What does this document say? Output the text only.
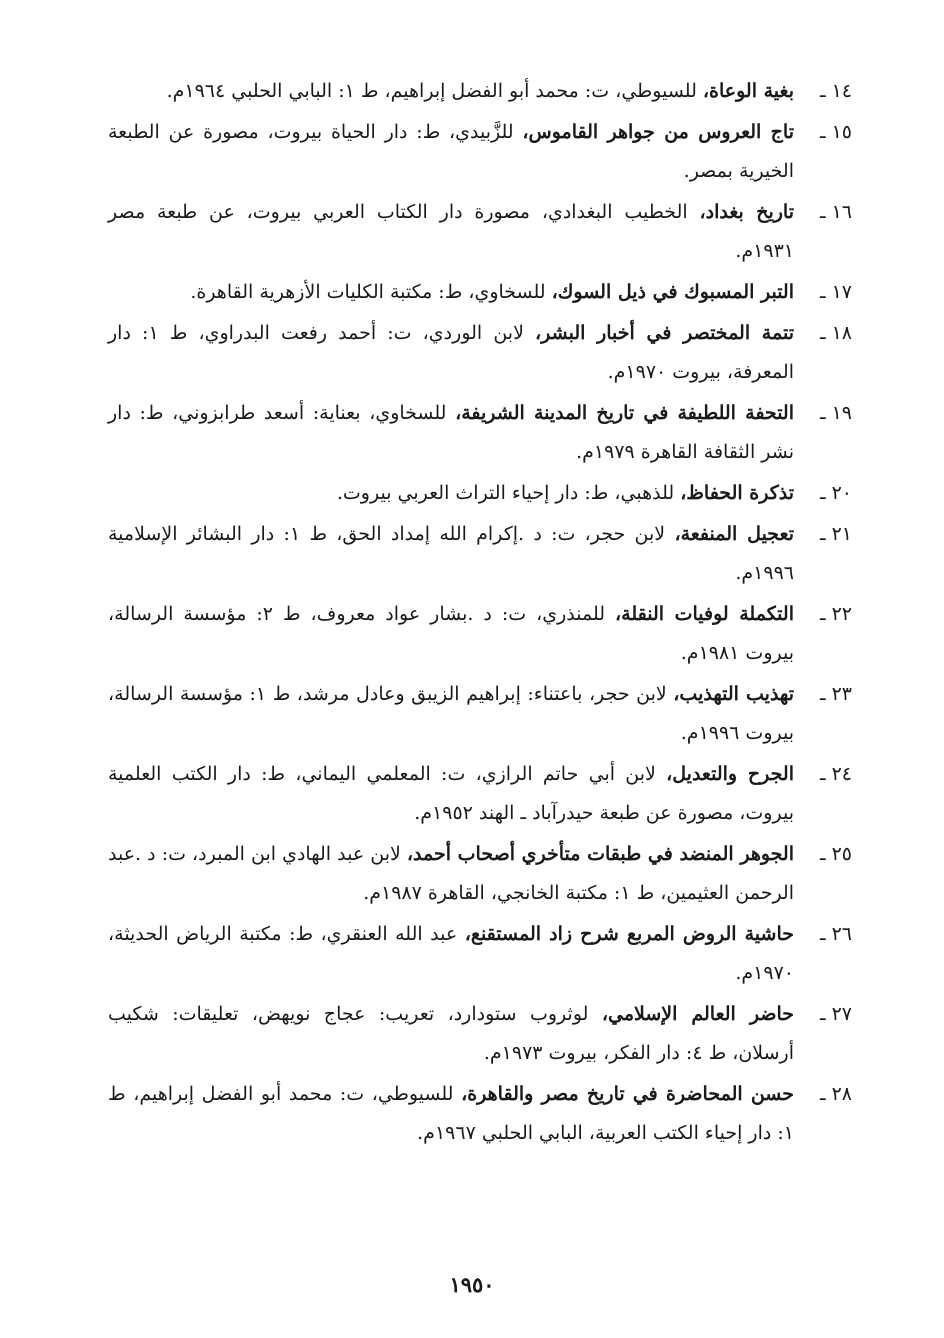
١٤ ـ
بغية الوعاة، للسيوطي، ت: محمد أبو الفضل إبراهيم، ط ١: البابي الحلبي ١٩٦٤م.
١٥ ـ
تاج العروس من جواهر القاموس، للزَّبيدي، ط: دار الحياة بيروت، مصورة عن الطبعة الخيرية بمصر.
١٦ ـ
تاريخ بغداد، الخطيب البغدادي، مصورة دار الكتاب العربي بيروت، عن طبعة مصر ١٩٣١م.
١٧ ـ
التبر المسبوك في ذيل السوك، للسخاوي، ط: مكتبة الكليات الأزهرية القاهرة.
١٨ ـ
تتمة المختصر في أخبار البشر، لابن الوردي، ت: أحمد رفعت البدراوي، ط ١: دار المعرفة، بيروت ١٩٧٠م.
١٩ ـ
التحفة اللطيفة في تاريخ المدينة الشريفة، للسخاوي، بعناية: أسعد طرابزوني، ط: دار نشر الثقافة القاهرة ١٩٧٩م.
٢٠ ـ
تذكرة الحفاظ، للذهبي، ط: دار إحياء التراث العربي بيروت.
٢١ ـ
تعجيل المنفعة، لابن حجر، ت: د .إكرام الله إمداد الحق، ط ١: دار البشائر الإسلامية ١٩٩٦م.
٢٢ ـ
التكملة لوفيات النقلة، للمنذري، ت: د .بشار عواد معروف، ط ٢: مؤسسة الرسالة، بيروت ١٩٨١م.
٢٣ ـ
تهذيب التهذيب، لابن حجر، باعتناء: إبراهيم الزيبق وعادل مرشد، ط ١: مؤسسة الرسالة، بيروت ١٩٩٦م.
٢٤ ـ
الجرح والتعديل، لابن أبي حاتم الرازي، ت: المعلمي اليماني، ط: دار الكتب العلمية بيروت، مصورة عن طبعة حيدرآباد ـ الهند ١٩٥٢م.
٢٥ ـ
الجوهر المنضد في طبقات متأخري أصحاب أحمد، لابن عبد الهادي ابن المبرد، ت: د .عبد الرحمن العثيمين، ط ١: مكتبة الخانجي، القاهرة ١٩٨٧م.
٢٦ ـ
حاشية الروض المربع شرح زاد المستقنع، عبد الله العنقري، ط: مكتبة الرياض الحديثة، ١٩٧٠م.
٢٧ ـ
حاضر العالم الإسلامي، لوثروب ستودارد، تعريب: عجاج نويهض، تعليقات: شكيب أرسلان، ط ٤: دار الفكر، بيروت ١٩٧٣م.
٢٨ ـ
حسن المحاضرة في تاريخ مصر والقاهرة، للسيوطي، ت: محمد أبو الفضل إبراهيم، ط ١: دار إحياء الكتب العربية، البابي الحلبي ١٩٦٧م.
١٩٥٠
